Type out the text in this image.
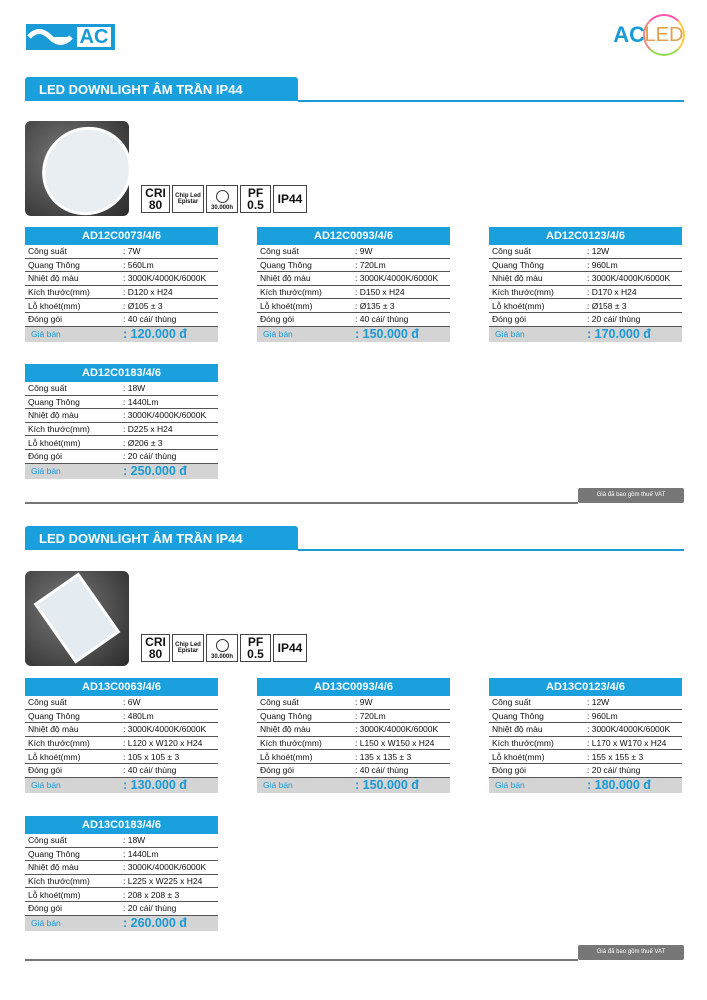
AC	AC LED
LED DOWNLIGHT ÂM TRẦN IP44
CRI
80
Chip Led
Epistar
30.000h
PF
0.5 IP44
AD12C0073/4/6
Công suất	: 7W
Quang Thông	: 560Lm
Nhiệt độ màu	: 3000K/4000K/6000K
Kích thước(mm)	: D120 x H24
Lỗ khoét(mm)	: Ø105 ± 3
Đóng gói	: 40 cái/ thùng
Giá bán	: 120.000 đ
AD12C0093/4/6
Công suất	: 9W
Quang Thông	: 720Lm
Nhiệt độ màu	: 3000K/4000K/6000K
Kích thước(mm)	: D150 x H24
Lỗ khoét(mm)	: Ø135 ± 3
Đóng gói	: 40 cái/ thùng
Giá bán	: 150.000 đ
AD12C0123/4/6
Công suất	: 12W
Quang Thông	: 960Lm
Nhiệt độ màu	: 3000K/4000K/6000K
Kích thước(mm)	: D170 x H24
Lỗ khoét(mm)	: Ø158 ± 3
Đóng gói	: 20 cái/ thùng
Giá bán	: 170.000 đ
AD12C0183/4/6
Công suất	: 18W
Quang Thông	: 1440Lm
Nhiệt độ màu	: 3000K/4000K/6000K
Kích thước(mm)	: D225 x H24
Lỗ khoét(mm)	: Ø206 ± 3
Đóng gói	: 20 cái/ thùng
Giá bán	: 250.000 đ
Giá đã bao gồm thuế VAT
LED DOWNLIGHT ÂM TRẦN IP44
CRI
80
Chip Led
Epistar
30.000h
PF
0.5 IP44
AD13C0063/4/6
Công suất	: 6W
Quang Thông	: 480Lm
Nhiệt độ màu	: 3000K/4000K/6000K
Kích thước(mm)	: L120 x W120 x H24
Lỗ khoét(mm)	: 105 x 105 ± 3
Đóng gói	: 40 cái/ thùng
Giá bán	: 130.000 đ
AD13C0093/4/6
Công suất	: 9W
Quang Thông	: 720Lm
Nhiệt độ màu	: 3000K/4000K/6000K
Kích thước(mm)	: L150 x W150 x H24
Lỗ khoét(mm)	: 135 x 135 ± 3
Đóng gói	: 40 cái/ thùng
Giá bán	: 150.000 đ
AD13C0123/4/6
Công suất	: 12W
Quang Thông	: 960Lm
Nhiệt độ màu	: 3000K/4000K/6000K
Kích thước(mm)	: L170 x W170 x H24
Lỗ khoét(mm)	: 155 x 155 ± 3
Đóng gói	: 20 cái/ thùng
Giá bán	: 180.000 đ
AD13C0183/4/6
Công suất	: 18W
Quang Thông	: 1440Lm
Nhiệt độ màu	: 3000K/4000K/6000K
Kích thước(mm)	: L225 x W225 x H24
Lỗ khoét(mm)	: 208 x 208 ± 3
Đóng gói	: 20 cái/ thùng
Giá bán	: 260.000 đ
Giá đã bao gồm thuế VAT
